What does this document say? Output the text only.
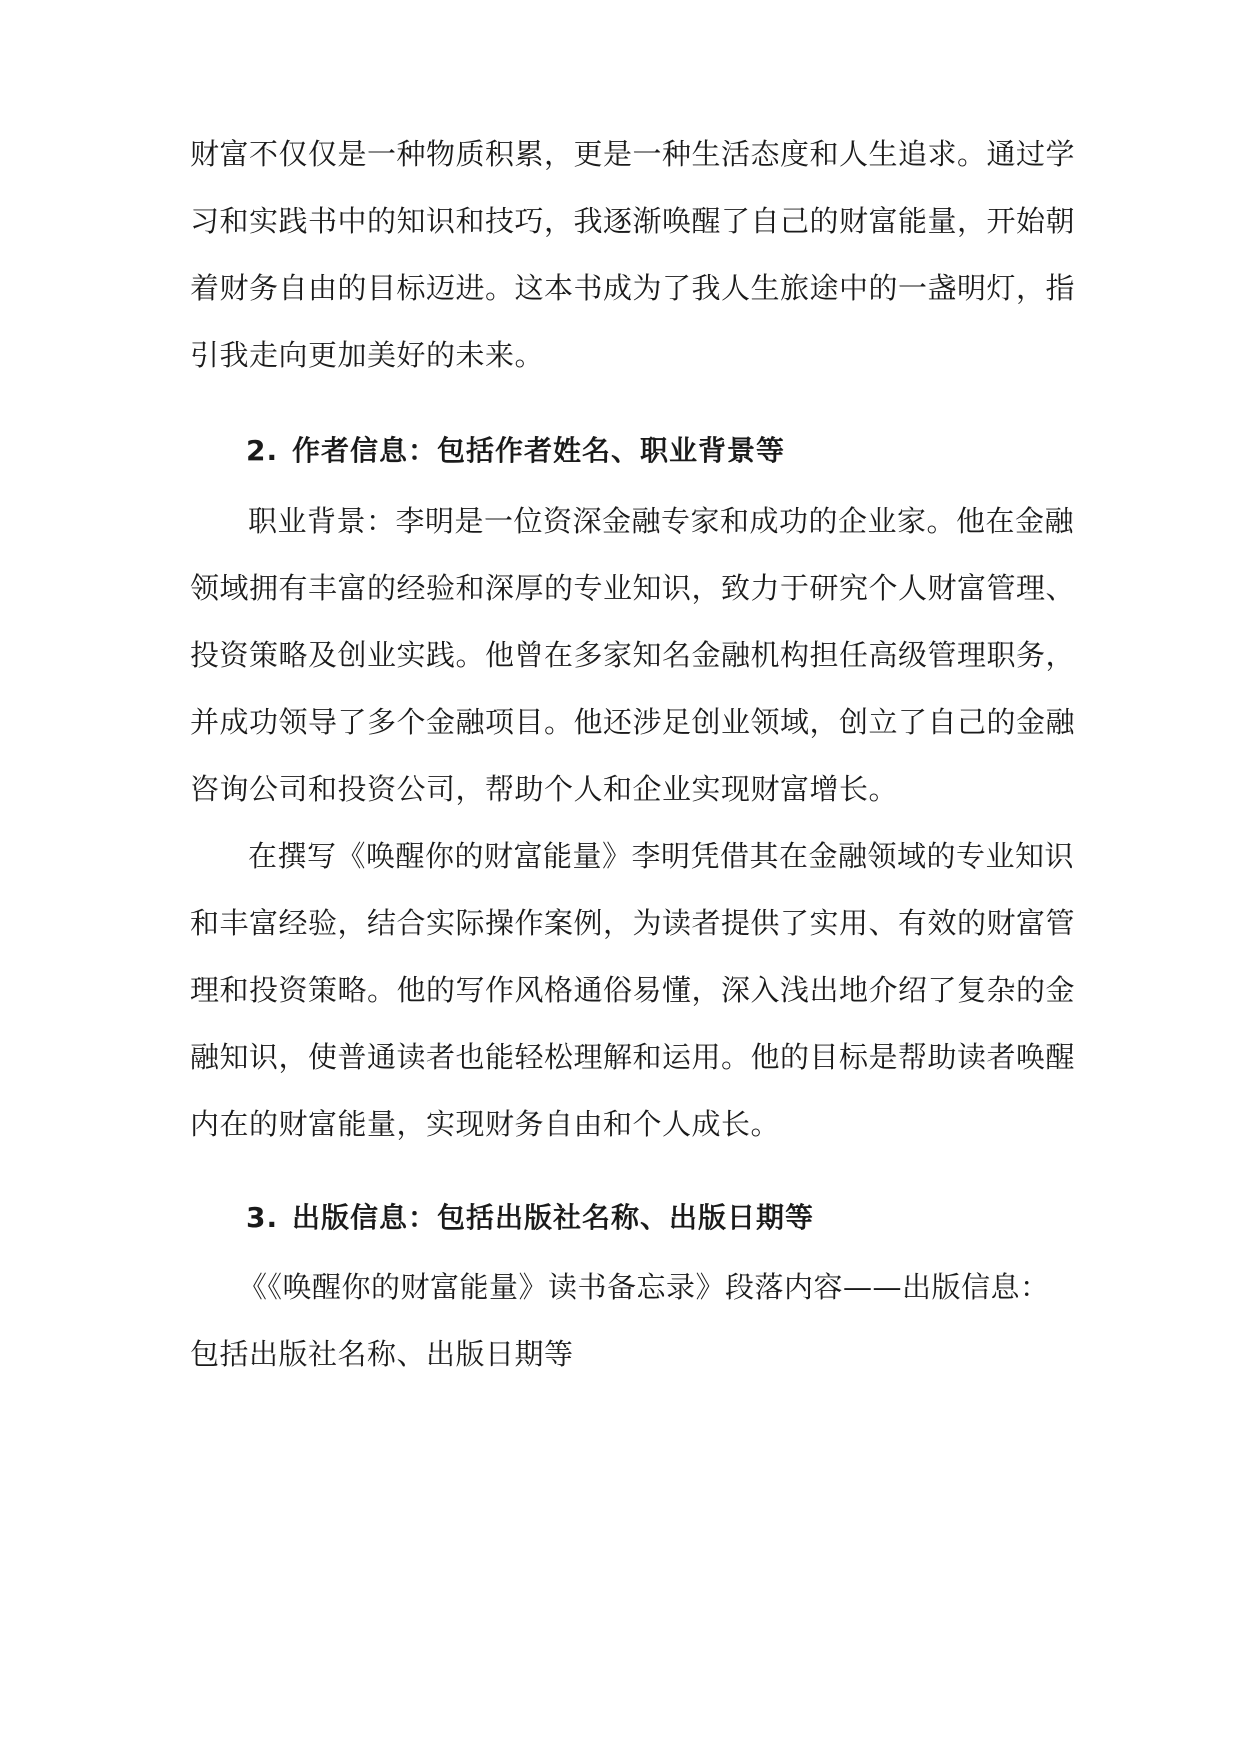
财富不仅仅是一种物质积累，更是一种生活态度和人生追求。通过学
习和实践书中的知识和技巧，我逐渐唤醒了自己的财富能量，开始朝
着财务自由的目标迈进。这本书成为了我人生旅途中的一盏明灯，指
引我走向更加美好的未来。
2. 作者信息：包括作者姓名、职业背景等
职业背景：李明是一位资深金融专家和成功的企业家。他在金融
领域拥有丰富的经验和深厚的专业知识，致力于研究个人财富管理、
投资策略及创业实践。他曾在多家知名金融机构担任高级管理职务，
并成功领导了多个金融项目。他还涉足创业领域，创立了自己的金融
咨询公司和投资公司，帮助个人和企业实现财富增长。
在撰写《唤醒你的财富能量》李明凭借其在金融领域的专业知识
和丰富经验，结合实际操作案例，为读者提供了实用、有效的财富管
理和投资策略。他的写作风格通俗易懂，深入浅出地介绍了复杂的金
融知识，使普通读者也能轻松理解和运用。他的目标是帮助读者唤醒
内在的财富能量，实现财务自由和个人成长。
3. 出版信息：包括出版社名称、出版日期等
《《唤醒你的财富能量》读书备忘录》段落内容——出版信息：
包括出版社名称、出版日期等
